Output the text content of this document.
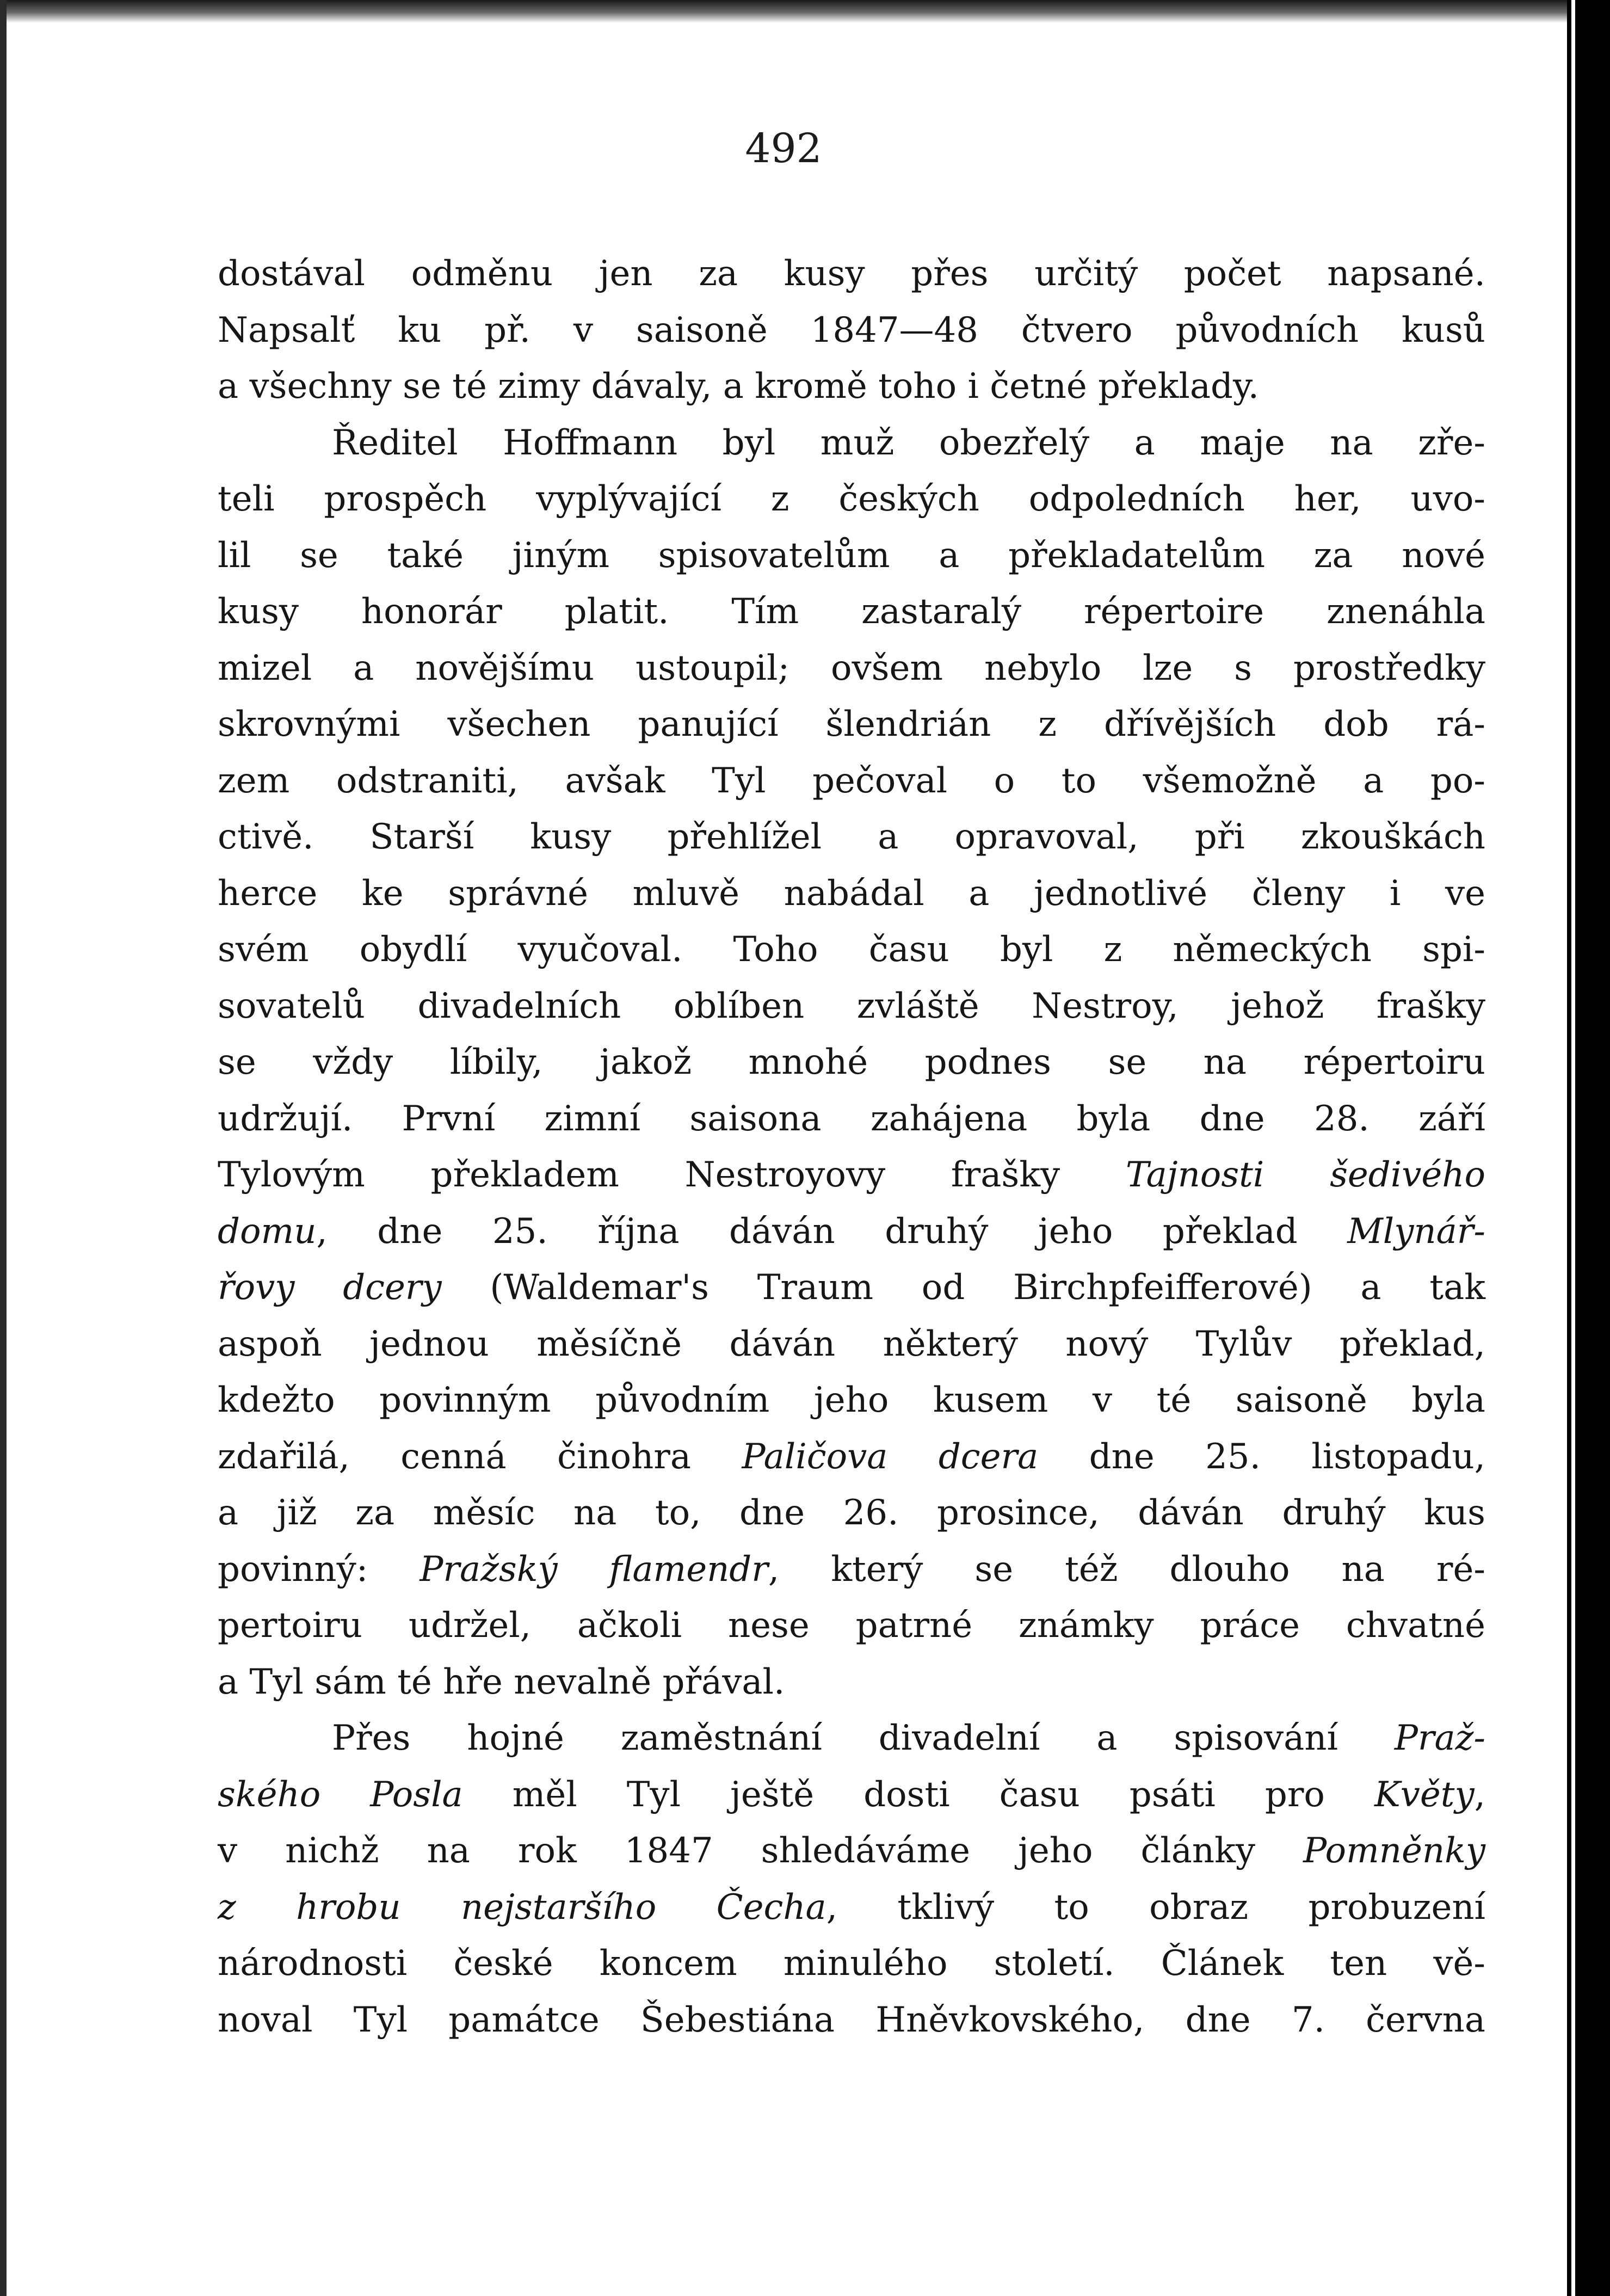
492
dostával odměnu jen za kusy přes určitý počet napsané.
Napsalť ku př. v saisoně 1847—48 čtvero původních kusů
a všechny se té zimy dávaly, a kromě toho i četné překlady.
Ředitel Hoffmann byl muž obezřelý a maje na zře-
teli prospěch vyplývající z českých odpoledních her, uvo-
lil se také jiným spisovatelům a překladatelům za nové
kusy honorár platit. Tím zastaralý répertoire znenáhla
mizel a novějšímu ustoupil; ovšem nebylo lze s prostředky
skrovnými všechen panující šlendrián z dřívějších dob rá-
zem odstraniti, avšak Tyl pečoval o to všemožně a po-
ctivě. Starší kusy přehlížel a opravoval, při zkouškách
herce ke správné mluvě nabádal a jednotlivé členy i ve
svém obydlí vyučoval. Toho času byl z německých spi-
sovatelů divadelních oblíben zvláště Nestroy, jehož frašky
se vždy líbily, jakož mnohé podnes se na répertoiru
udržují. První zimní saisona zahájena byla dne 28. září
Tylovým překladem Nestroyovy frašky Tajnosti šedivého
domu, dne 25. října dáván druhý jeho překlad Mlynář-
řovy dcery (Waldemar's Traum od Birchpfeifferové) a tak
aspoň jednou měsíčně dáván některý nový Tylův překlad,
kdežto povinným původním jeho kusem v té saisoně byla
zdařilá, cenná činohra Paličova dcera dne 25. listopadu,
a již za měsíc na to, dne 26. prosince, dáván druhý kus
povinný: Pražský flamendr, který se též dlouho na ré-
pertoiru udržel, ačkoli nese patrné známky práce chvatné
a Tyl sám té hře nevalně přával.
Přes hojné zaměstnání divadelní a spisování Praž-
ského Posla měl Tyl ještě dosti času psáti pro Květy,
v nichž na rok 1847 shledáváme jeho články Pomněnky
z hrobu nejstaršího Čecha, tklivý to obraz probuzení
národnosti české koncem minulého století. Článek ten vě-
noval Tyl památce Šebestiána Hněvkovského, dne 7. června
